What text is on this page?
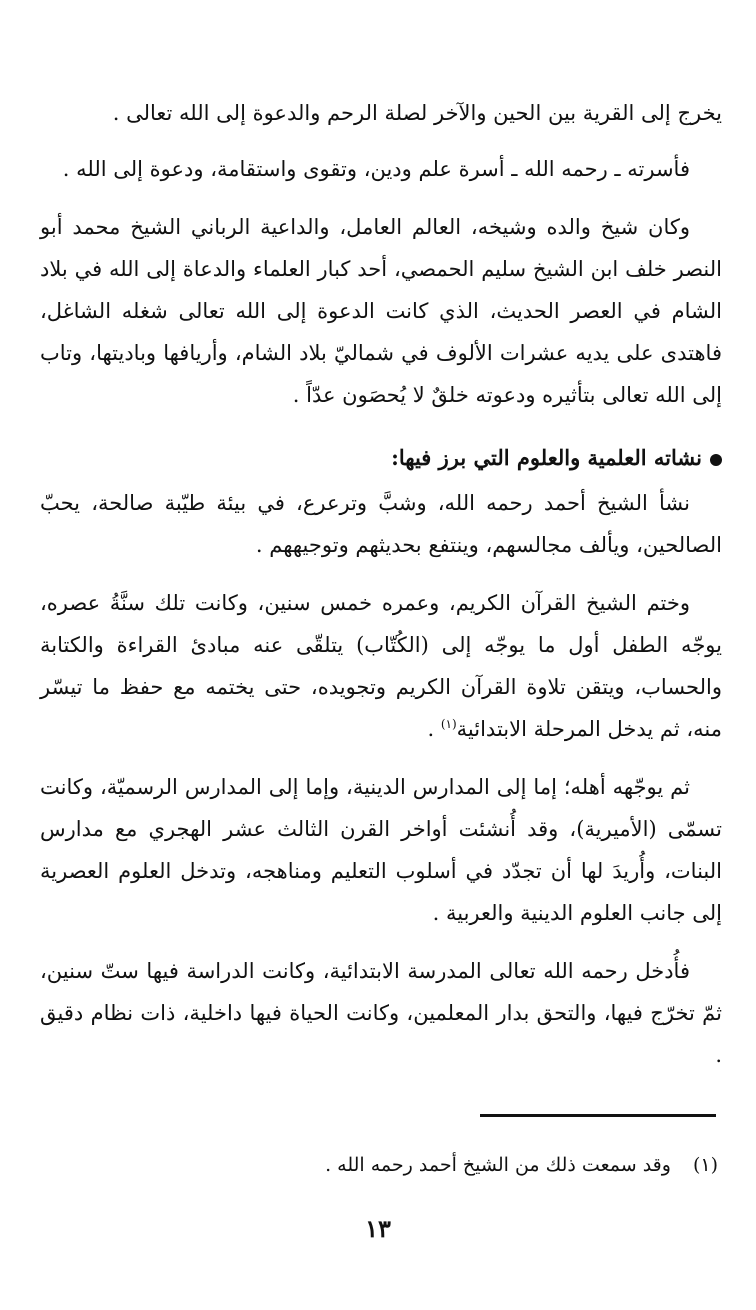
يخرج إلى القرية بين الحين والآخر لصلة الرحم والدعوة إلى الله تعالى .

فأسرته ـ رحمه الله ـ أسرة علم ودين، وتقوى واستقامة، ودعوة إلى الله .

وكان شيخ والده وشيخه، العالم العامل، والداعية الرباني الشيخ محمد أبو النصر خلف ابن الشيخ سليم الحمصي، أحد كبار العلماء والدعاة إلى الله في بلاد الشام في العصر الحديث، الذي كانت الدعوة إلى الله تعالى شغله الشاغل، فاهتدى على يديه عشرات الألوف في شماليّ بلاد الشام، وأريافها وباديتها، وتاب إلى الله تعالى بتأثيره ودعوته خلقٌ لا يُحصَون عدّاً .

نشاته العلمية والعلوم التي برز فيها:

نشأ الشيخ أحمد رحمه الله، وشبَّ وترعرع، في بيئة طيّبة صالحة، يحبّ الصالحين، ويألف مجالسهم، وينتفع بحديثهم وتوجيههم .

وختم الشيخ القرآن الكريم، وعمره خمس سنين، وكانت تلك سنَّةُ عصره، يوجّه الطفل أول ما يوجّه إلى (الكُتّاب) يتلقّى عنه مبادئ القراءة والكتابة والحساب، ويتقن تلاوة القرآن الكريم وتجويده، حتى يختمه مع حفظ ما تيسّر منه، ثم يدخل المرحلة الابتدائية$^{(١)}$ .

ثم يوجّهه أهله؛ إما إلى المدارس الدينية، وإما إلى المدارس الرسميّة، وكانت تسمّى (الأميرية)، وقد أُنشئت أواخر القرن الثالث عشر الهجري مع مدارس البنات، وأُريدَ لها أن تجدّد في أسلوب التعليم ومناهجه، وتدخل العلوم العصرية إلى جانب العلوم الدينية والعربية .

فأُدخل رحمه الله تعالى المدرسة الابتدائية، وكانت الدراسة فيها ستّ سنين، ثمّ تخرّج فيها، والتحق بدار المعلمين، وكانت الحياة فيها داخلية، ذات نظام دقيق .

(١)وقد سمعت ذلك من الشيخ أحمد رحمه الله .
١٣
